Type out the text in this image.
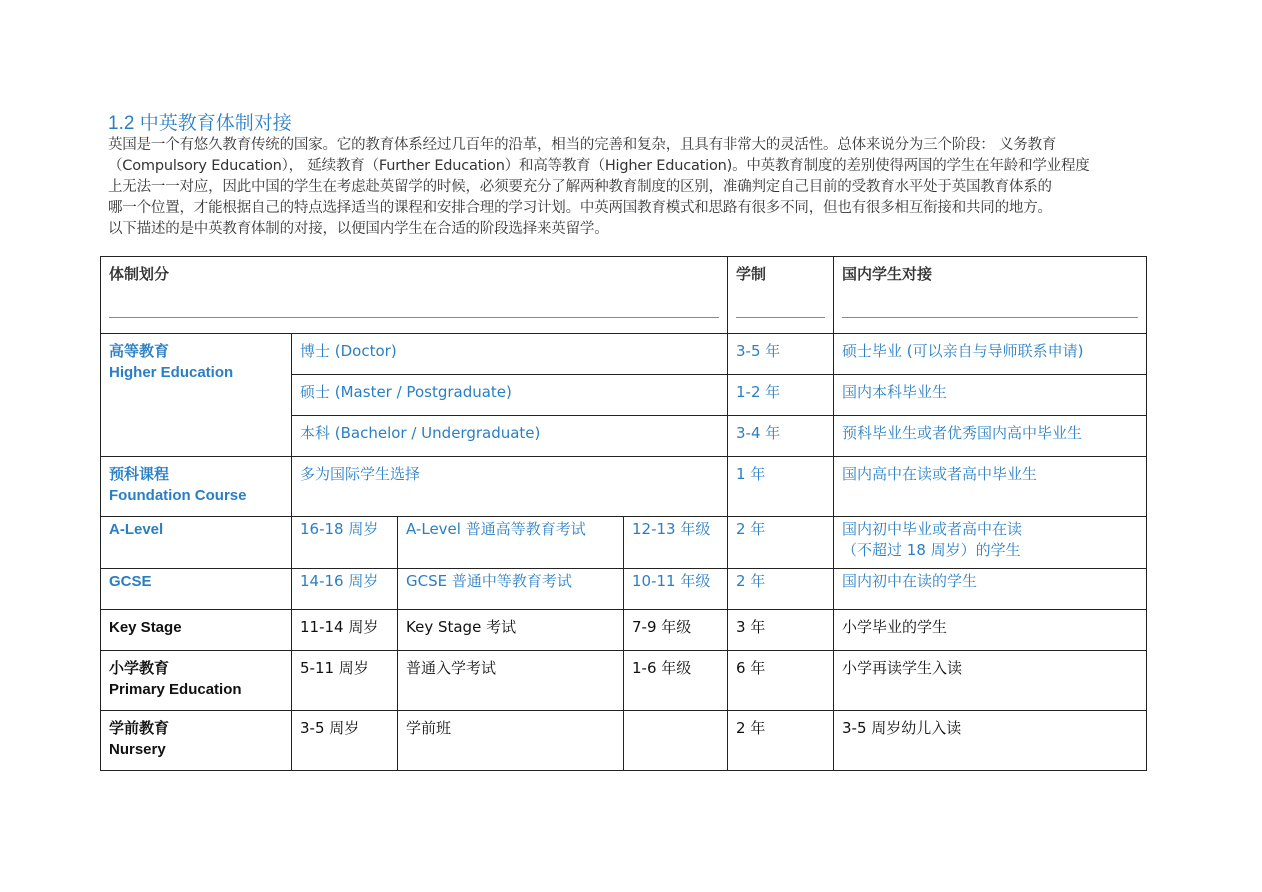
1.2 中英教育体制对接

英国是一个有悠久教育传统的国家。它的教育体系经过几百年的沿革，相当的完善和复杂，且具有非常大的灵活性。总体来说分为三个阶段： 义务教育

（Compulsory Education）， 延续教育（Further Education）和高等教育（Higher Education)。中英教育制度的差别使得两国的学生在年龄和学业程度

上无法一一对应，因此中国的学生在考虑赴英留学的时候，必须要充分了解两种教育制度的区别，准确判定自己目前的受教育水平处于英国教育体系的

哪一个位置，才能根据自己的特点选择适当的课程和安排合理的学习计划。中英两国教育模式和思路有很多不同，但也有很多相互衔接和共同的地方。

以下描述的是中英教育体制的对接，以便国内学生在合适的阶段选择来英留学。

体制划分				学制	国内学生对接

高等教育
Higher Education	博士 (Doctor)			3-5 年	硕士毕业 (可以亲自与导师联系申请)
	硕士 (Master / Postgraduate)			1-2 年	国内本科毕业生
	本科 (Bachelor / Undergraduate)			3-4 年	预科毕业生或者优秀国内高中毕业生

预科课程
Foundation Course	多为国际学生选择			1 年	国内高中在读或者高中毕业生
A-Level	16-18 周岁	A-Level 普通高等教育考试	12-13 年级	2 年	国内初中毕业或者高中在读
（不超过 18 周岁）的学生

GCSE	14-16 周岁	GCSE 普通中等教育考试	10-11 年级	2 年	国内初中在读的学生
Key Stage	11-14 周岁	Key Stage 考试	7-9 年级	3 年	小学毕业的学生

小学教育
Primary Education	5-11 周岁	普通入学考试	1-6 年级	6 年	小学再读学生入读

学前教育
Nursery	3-5 周岁	学前班		2 年	3-5 周岁幼儿入读
